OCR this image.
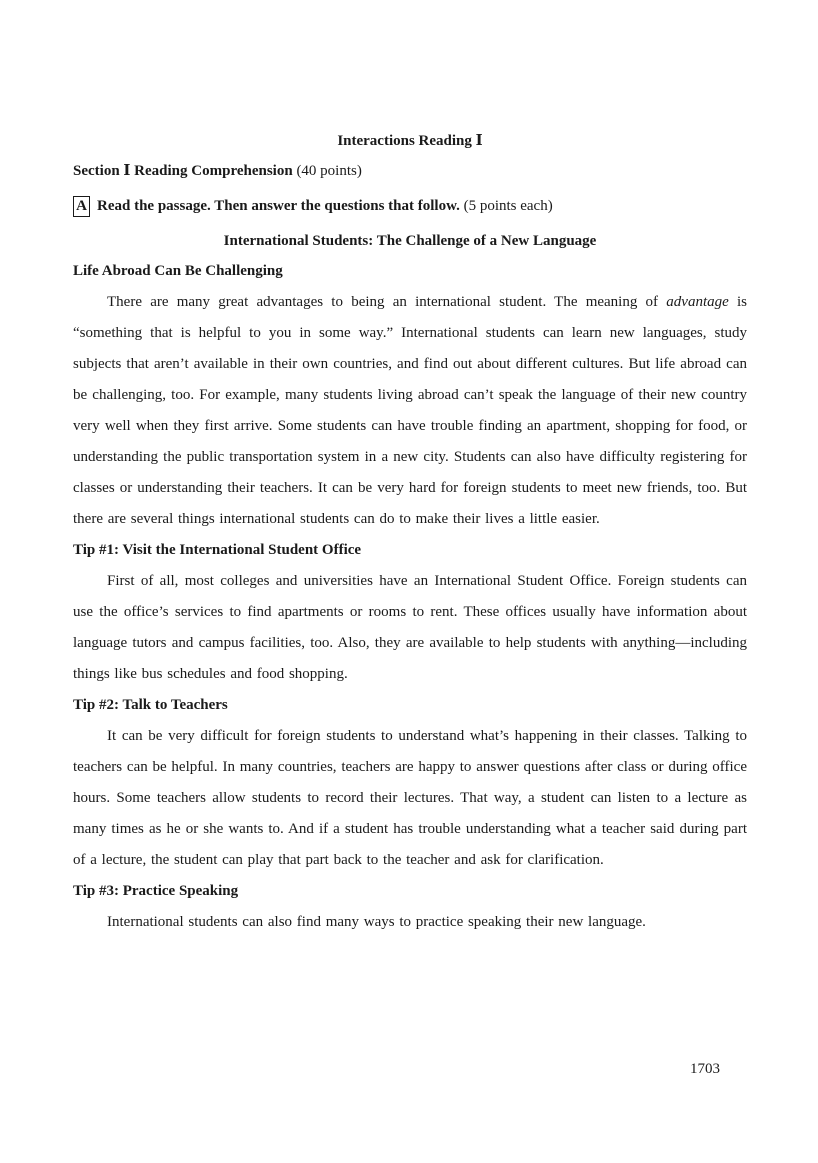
Interactions Reading Ⅰ
Section Ⅰ Reading Comprehension (40 points)
A Read the passage. Then answer the questions that follow.
(5 points each)
International Students: The Challenge of a New Language
Life Abroad Can Be Challenging

There are many great advantages to being an international student. The meaning of advantage is “something that is helpful to you in some way.” International students can learn new languages, study subjects that aren’t available in their own countries, and find out about different cultures. But life abroad can be challenging, too. For example, many students living abroad can’t speak the language of their new country very well when they first arrive. Some students can have trouble finding an apartment, shopping for food, or understanding the public transportation system in a new city. Students can also have difficulty registering for classes or understanding their teachers. It can be very hard for foreign students to meet new friends, too. But there are several things international students can do to make their lives a little easier.

Tip #1: Visit the International Student Office

First of all, most colleges and universities have an International Student Office. Foreign students can use the office’s services to find apartments or rooms to rent. These offices usually have information about language tutors and campus facilities, too. Also, they are available to help students with anything—including things like bus schedules and food shopping.

Tip #2: Talk to Teachers

It can be very difficult for foreign students to understand what’s happening in their classes. Talking to teachers can be helpful. In many countries, teachers are happy to answer questions after class or during office hours. Some teachers allow students to record their lectures. That way, a student can listen to a lecture as many times as he or she wants to. And if a student has trouble understanding what a teacher said during part of a lecture, the student can play that part back to the teacher and ask for clarification.

Tip #3: Practice Speaking

International students can also find many ways to practice speaking their new language.

1703
